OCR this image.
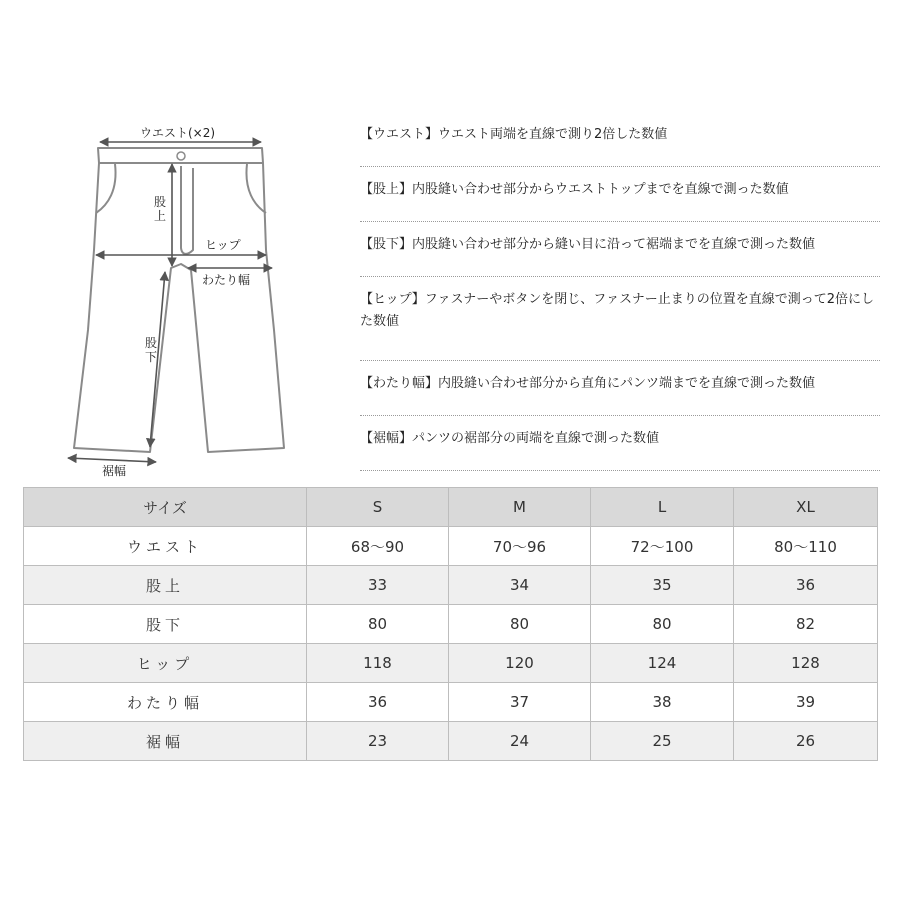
ウエスト(×2)
股上
ヒップ
わたり幅
股下
裾幅
【ウエスト】ウエスト両端を直線で測り2倍した数値
【股上】内股縫い合わせ部分からウエストトップまでを直線で測った数値
【股下】内股縫い合わせ部分から縫い目に沿って裾端までを直線で測った数値
【ヒップ】ファスナーやボタンを閉じ、ファスナー止まりの位置を直線で測って2倍にした数値
【わたり幅】内股縫い合わせ部分から直角にパンツ端までを直線で測った数値
【裾幅】パンツの裾部分の両端を直線で測った数値
サイズ	S	M	L	XL
ウエスト	68～90	70～96	72～100	80～110
股上	33	34	35	36
股下	80	80	80	82
ヒップ	118	120	124	128
わたり幅	36	37	38	39
裾幅	23	24	25	26
